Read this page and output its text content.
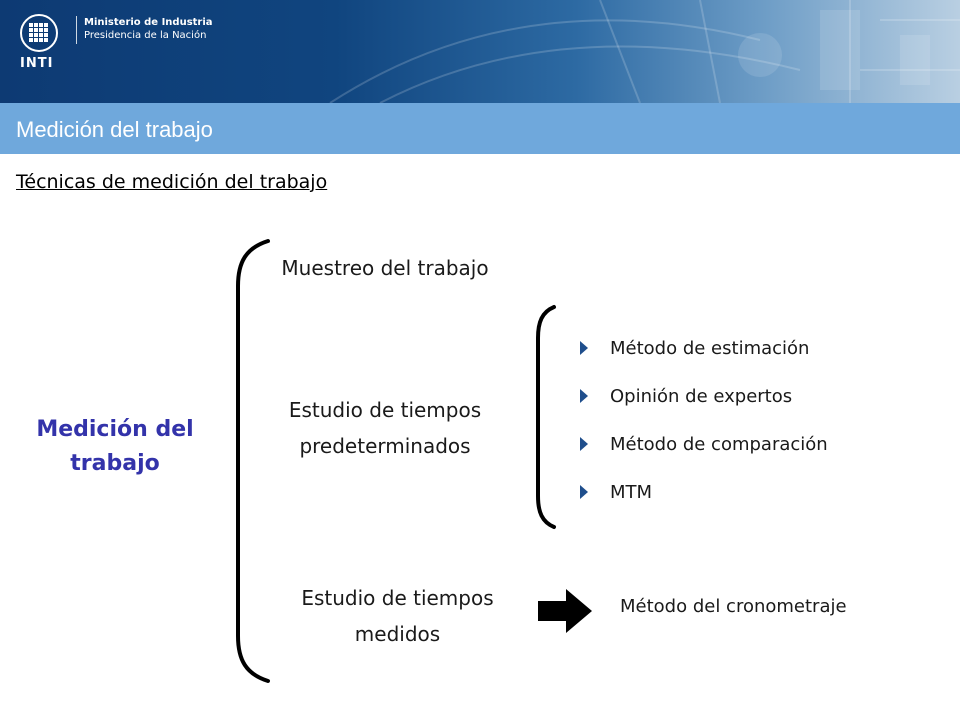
INTI
Ministerio de Industria
Presidencia de la Nación
Medición del trabajo
Técnicas de medición del trabajo
Medición del trabajo
Muestreo del trabajo
Estudio de tiempos predeterminados
Estudio de tiempos medidos
Método de estimación
Opinión de expertos
Método de comparación
MTM
Método del cronometraje
